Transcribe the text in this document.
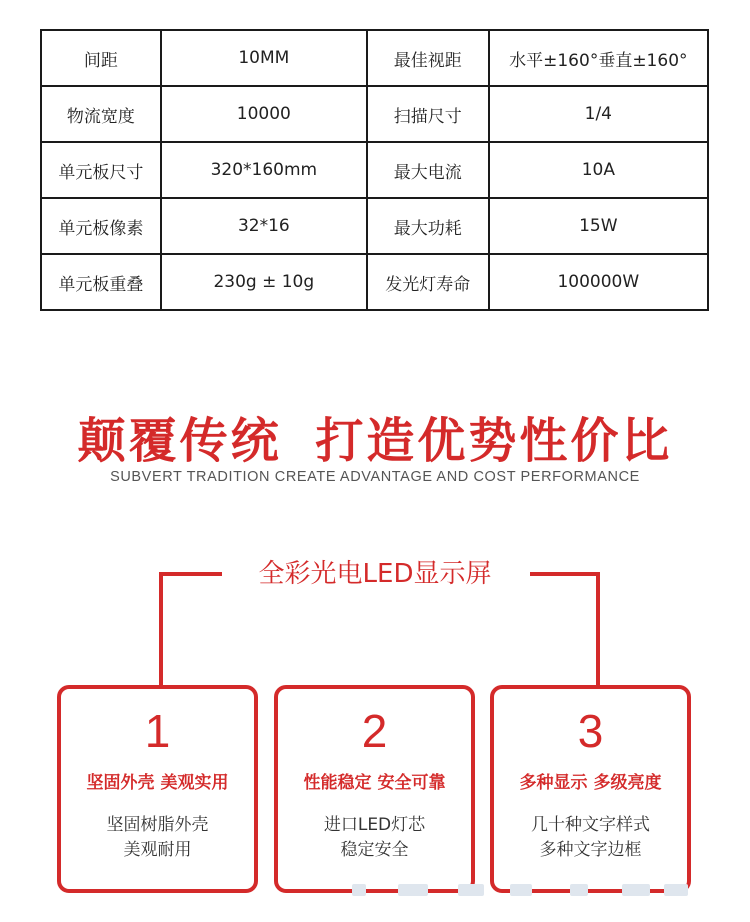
间距	10MM	最佳视距	水平±160°垂直±160°
物流宽度	10000	扫描尺寸	1/4
单元板尺寸	320*160mm	最大电流	10A
单元板像素	32*16	最大功耗	15W
单元板重叠	230g ± 10g	发光灯寿命	100000W
颠覆传统 打造优势性价比
SUBVERT TRADITION CREATE ADVANTAGE AND COST PERFORMANCE
全彩光电LED显示屏
1
坚固外壳 美观实用
坚固树脂外壳
美观耐用
2
性能稳定 安全可靠
进口LED灯芯
稳定安全
3
多种显示 多级亮度
几十种文字样式
多种文字边框
